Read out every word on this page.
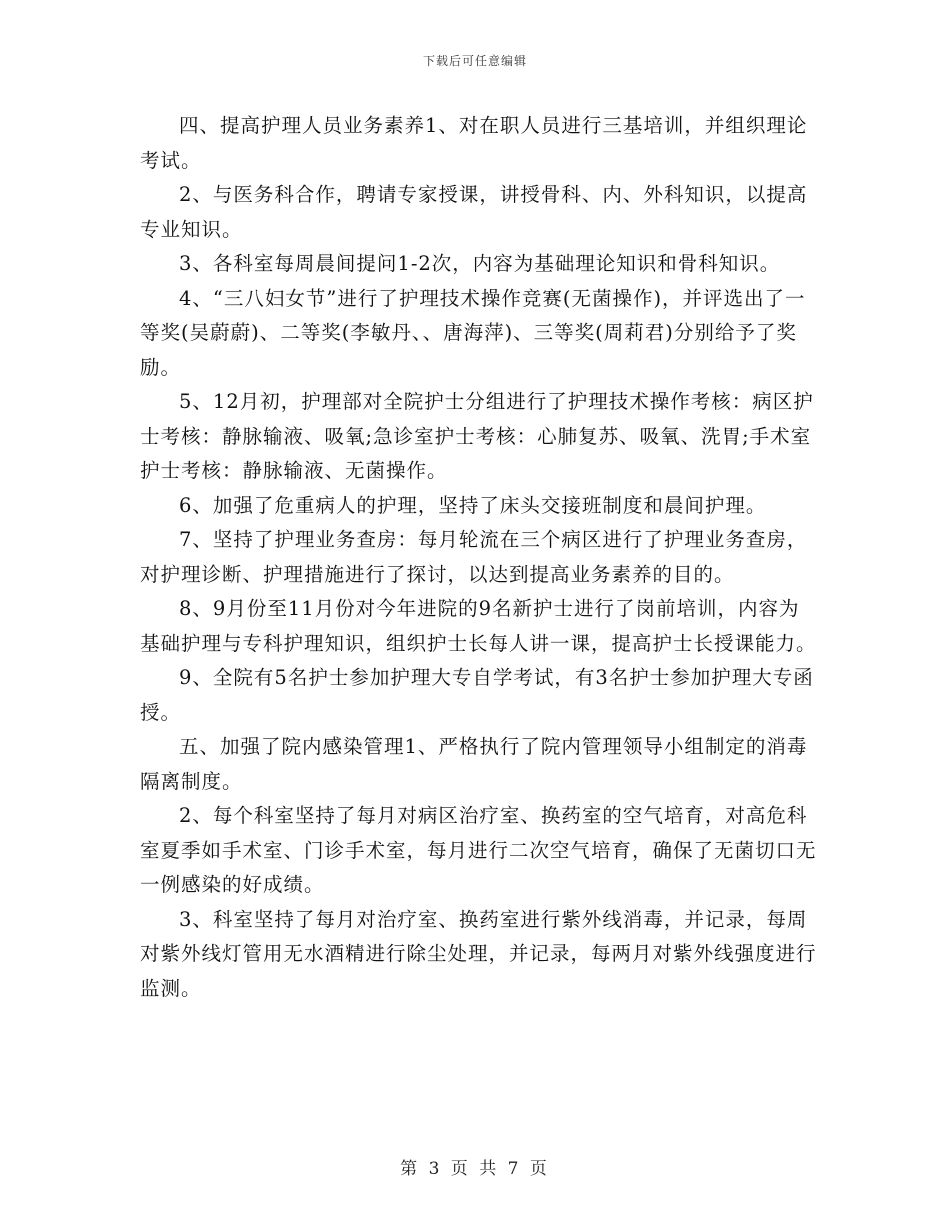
下载后可任意编辑

四、提高护理人员业务素养1、对在职人员进行三基培训，并组织理论考试。

2、与医务科合作，聘请专家授课，讲授骨科、内、外科知识，以提高专业知识。

3、各科室每周晨间提问1-2次，内容为基础理论知识和骨科知识。

4、“三八妇女节”进行了护理技术操作竞赛(无菌操作)，并评选出了一等奖(吴蔚蔚)、二等奖(李敏丹、、唐海萍)、三等奖(周莉君)分别给予了奖励。

5、12月初，护理部对全院护士分组进行了护理技术操作考核：病区护士考核：静脉输液、吸氧;急诊室护士考核：心肺复苏、吸氧、洗胃;手术室护士考核：静脉输液、无菌操作。

6、加强了危重病人的护理，坚持了床头交接班制度和晨间护理。

7、坚持了护理业务查房：每月轮流在三个病区进行了护理业务查房，对护理诊断、护理措施进行了探讨，以达到提高业务素养的目的。

8、9月份至11月份对今年进院的9名新护士进行了岗前培训，内容为基础护理与专科护理知识，组织护士长每人讲一课，提高护士长授课能力。

9、全院有5名护士参加护理大专自学考试，有3名护士参加护理大专函授。

五、加强了院内感染管理1、严格执行了院内管理领导小组制定的消毒隔离制度。

2、每个科室坚持了每月对病区治疗室、换药室的空气培育，对高危科室夏季如手术室、门诊手术室，每月进行二次空气培育，确保了无菌切口无一例感染的好成绩。

3、科室坚持了每月对治疗室、换药室进行紫外线消毒，并记录，每周对紫外线灯管用无水酒精进行除尘处理，并记录，每两月对紫外线强度进行监测。

第 3 页 共 7 页
